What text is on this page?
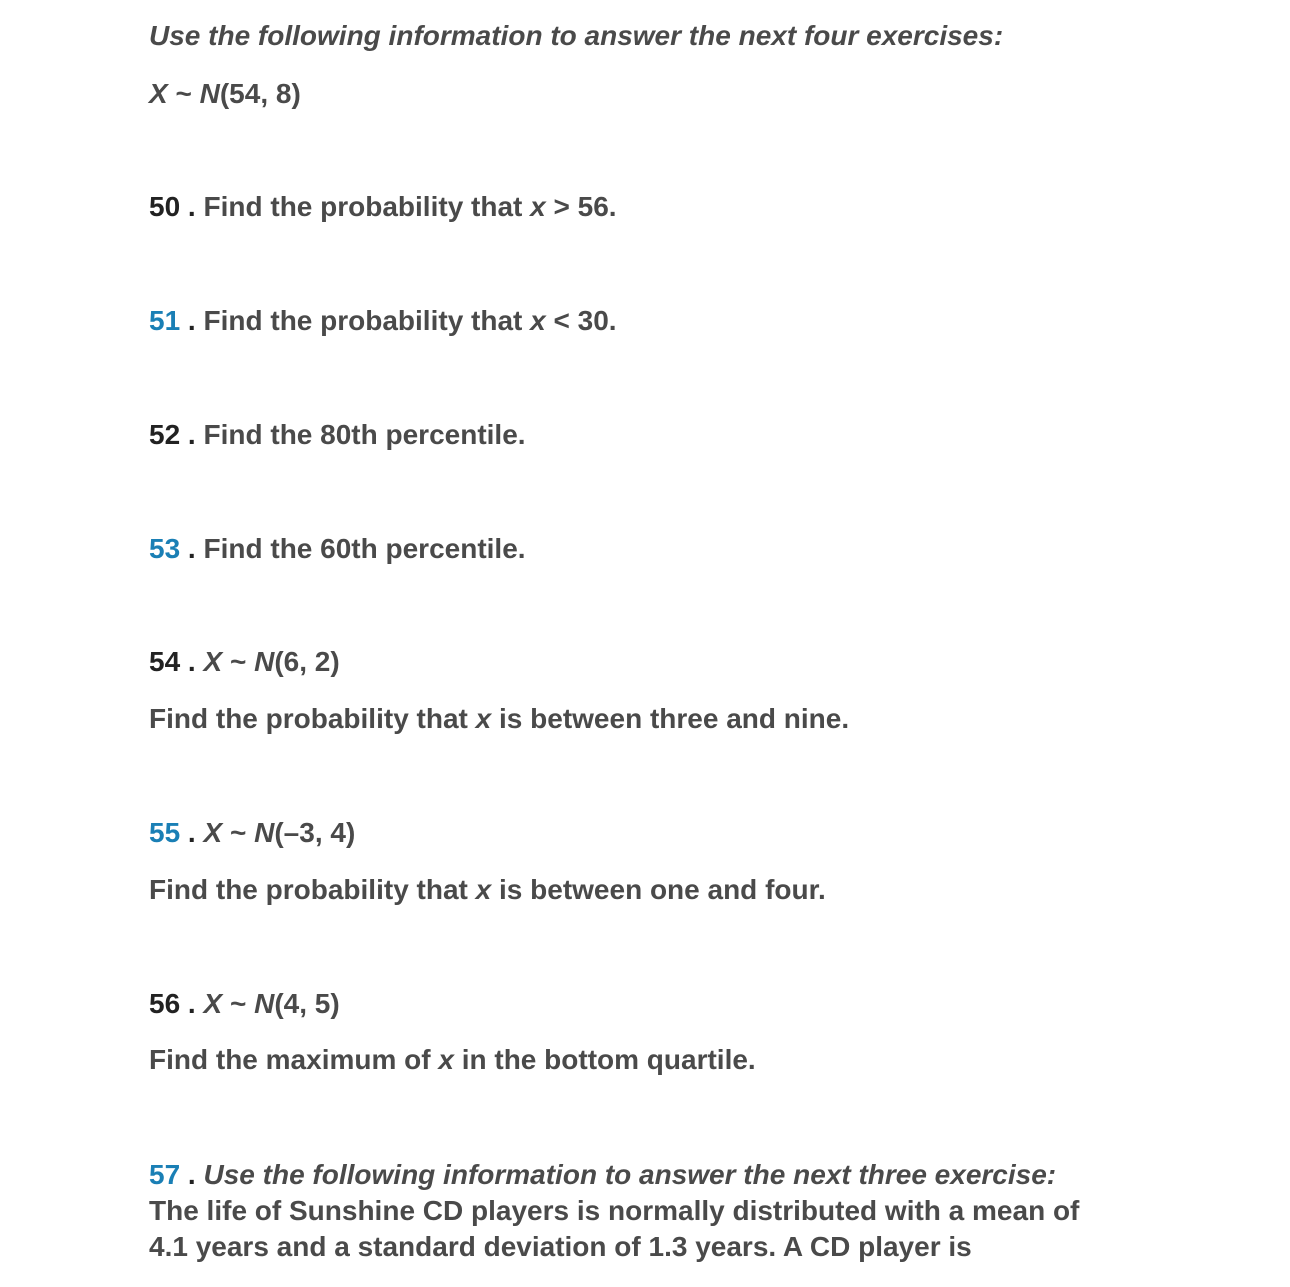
Use the following information to answer the next four exercises:
X ~ N(54, 8)
50 . Find the probability that x > 56.
51 . Find the probability that x < 30.
52 . Find the 80th percentile.
53 . Find the 60th percentile.
54 . X ~ N(6, 2)
Find the probability that x is between three and nine.
55 . X ~ N(–3, 4)
Find the probability that x is between one and four.
56 . X ~ N(4, 5)
Find the maximum of x in the bottom quartile.
57 . Use the following information to answer the next three exercise:
The life of Sunshine CD players is normally distributed with a mean of
4.1 years and a standard deviation of 1.3 years. A CD player is
